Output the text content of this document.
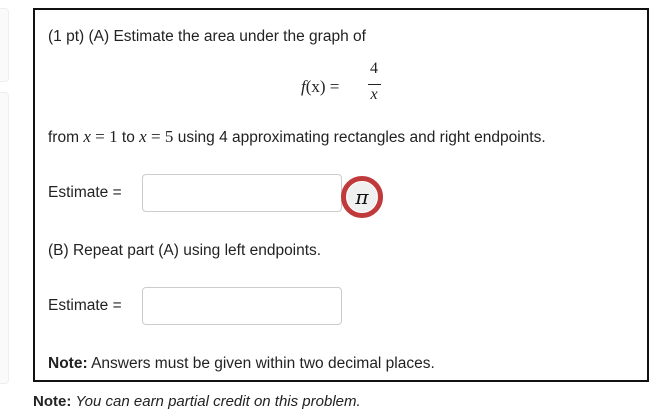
(1 pt) (A) Estimate the area under the graph of
f(x) =
4
x
from x = 1 to x = 5 using 4 approximating rectangles and right endpoints.
Estimate =	π
(B) Repeat part (A) using left endpoints.
Estimate =
Note: Answers must be given within two decimal places.
Note: You can earn partial credit on this problem.
